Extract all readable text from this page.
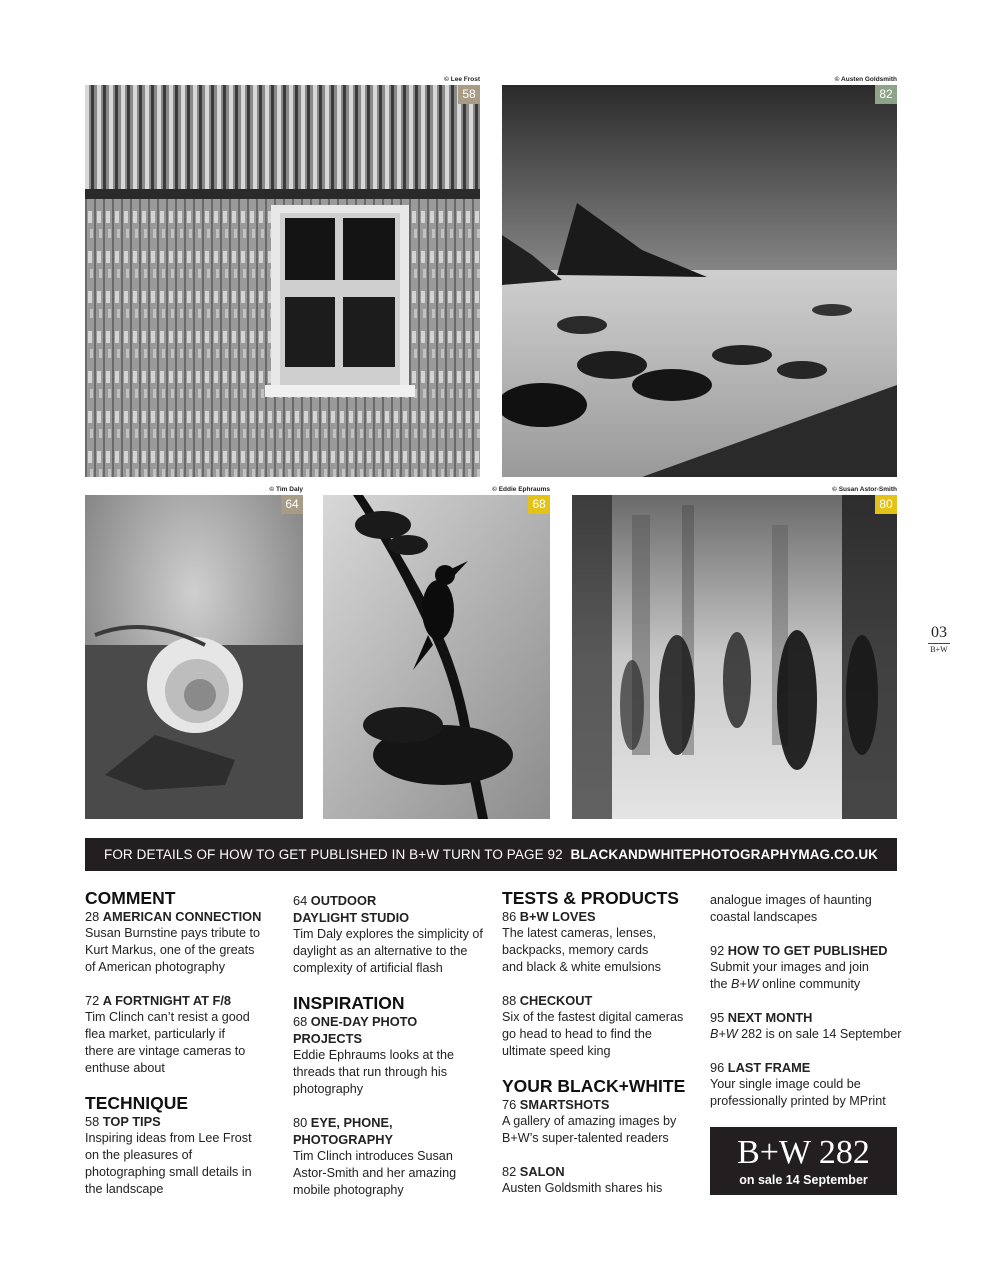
© Lee Frost
58
© Austen Goldsmith
82
© Tim Daly
64
© Eddie Ephraums
68
© Susan Astor-Smith
80
03
B+W
FOR DETAILS OF HOW TO GET PUBLISHED IN B+W TURN TO PAGE 92 BLACKANDWHITEPHOTOGRAPHYMAG.CO.UK
COMMENT
28 AMERICAN CONNECTION
Susan Burnstine pays tribute to Kurt Markus, one of the greats of American photography
72 A FORTNIGHT AT F/8
Tim Clinch can’t resist a good flea market, particularly if there are vintage cameras to enthuse about
TECHNIQUE
58 TOP TIPS
Inspiring ideas from Lee Frost on the pleasures of photographing small details in the landscape
64 OUTDOOR DAYLIGHT STUDIO
Tim Daly explores the simplicity of daylight as an alternative to the complexity of artificial flash
INSPIRATION
68 ONE-DAY PHOTO PROJECTS
Eddie Ephraums looks at the threads that run through his photography
80 EYE, PHONE, PHOTOGRAPHY
Tim Clinch introduces Susan Astor-Smith and her amazing mobile photography
TESTS & PRODUCTS
86 B+W LOVES
The latest cameras, lenses, backpacks, memory cards and black & white emulsions
88 CHECKOUT
Six of the fastest digital cameras go head to head to find the ultimate speed king
YOUR BLACK+WHITE
76 SMARTSHOTS
A gallery of amazing images by B+W’s super-talented readers
82 SALON
Austen Goldsmith shares his
analogue images of haunting coastal landscapes
92 HOW TO GET PUBLISHED
Submit your images and join the B+W online community
95 NEXT MONTH
B+W 282 is on sale 14 September
96 LAST FRAME
Your single image could be professionally printed by MPrint
B+W 282
on sale 14 September
